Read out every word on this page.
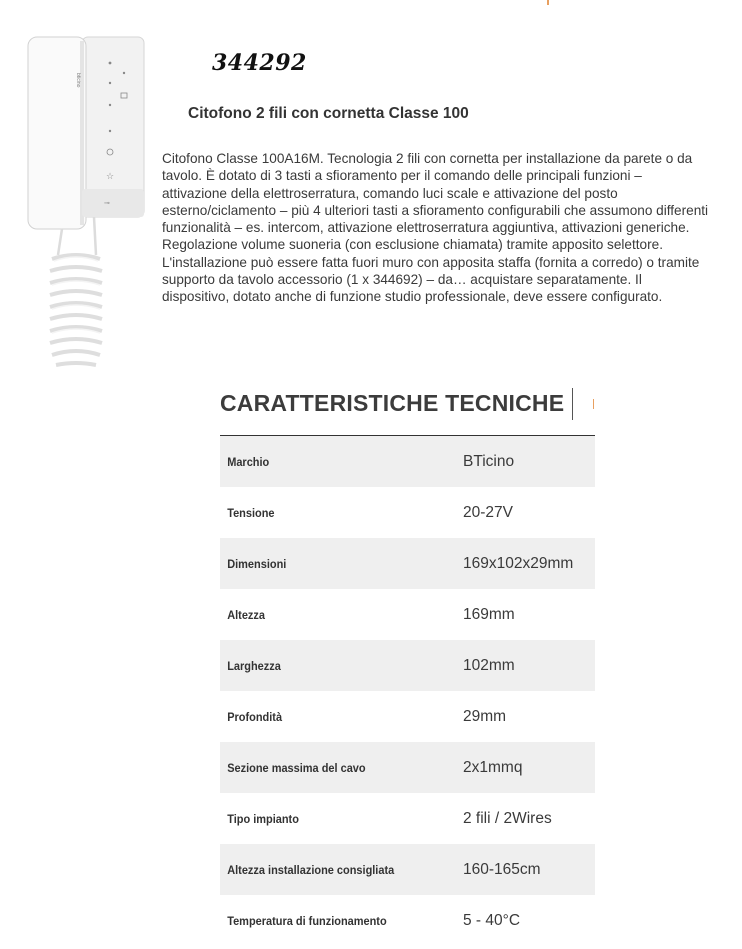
bticino
☆
⊸
344292
Citofono 2 fili con cornetta Classe 100

Citofono Classe 100A16M. Tecnologia 2 fili con cornetta per installazione da parete o da tavolo. È dotato di 3 tasti a sfioramento per il comando delle principali funzioni – attivazione della elettroserratura, comando luci scale e attivazione del posto esterno/ciclamento – più 4 ulteriori tasti a sfioramento configurabili che assumono differenti funzionalità – es. intercom, attivazione elettroserratura aggiuntiva, attivazioni generiche. Regolazione volume suoneria (con esclusione chiamata) tramite apposito selettore. L'installazione può essere fatta fuori muro con apposita staffa (fornita a corredo) o tramite supporto da tavolo accessorio (1 x 344692) – da… acquistare separatamente. Il dispositivo, dotato anche di funzione studio professionale, deve essere configurato.

CARATTERISTICHE TECNICHE
Marchio	BTicino
Tensione	20-27V
Dimensioni	169x102x29mm
Altezza	169mm
Larghezza	102mm
Profondità	29mm
Sezione massima del cavo	2x1mmq
Tipo impianto	2 fili / 2Wires
Altezza installazione consigliata	160-165cm
Temperatura di funzionamento	5 - 40°C
